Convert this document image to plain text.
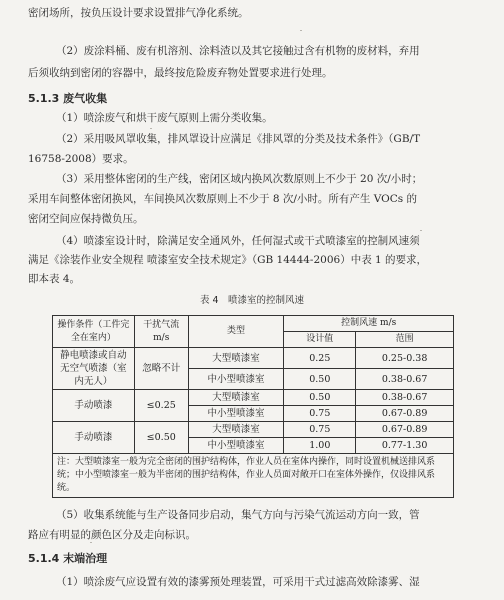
密闭场所，按负压设计要求设置排气净化系统。
（2）废涂料桶、废有机溶剂、涂料渣以及其它接触过含有机物的废材料，弃用
后须收纳到密闭的容器中，最终按危险废弃物处置要求进行处理。
5.1.3 废气收集
（1）喷涂废气和烘干废气原则上需分类收集。
（2）采用吸风罩收集，排风罩设计应满足《排风罩的分类及技术条件》（GB/T
16758-2008）要求。
（3）采用整体密闭的生产线，密闭区域内换风次数原则上不少于 20 次/小时；
采用车间整体密闭换风，车间换风次数原则上不少于 8 次/小时。所有产生 VOCs 的
密闭空间应保持微负压。
（4）喷漆室设计时，除满足安全通风外，任何湿式或干式喷漆室的控制风速须
满足《涂装作业安全规程 喷漆室安全技术规定》（GB 14444-2006）中表 1 的要求，
即本表 4。
表 4　喷漆室的控制风速
操作条件（工件完全在室内）	干扰气流 m/s	类型	控制风速 m/s	
			设计值	范围
静电喷漆或自动无空气喷漆（室内无人）	忽略不计	大型喷漆室	0.25	0.25-0.38
		中小型喷漆室	0.50	0.38-0.67
手动喷漆	≤0.25	大型喷漆室	0.50	0.38-0.67
		中小型喷漆室	0.75	0.67-0.89
手动喷漆	≤0.50	大型喷漆室	0.75	0.67-0.89
		中小型喷漆室	1.00	0.77-1.30
注：大型喷漆室一般为完全密闭的围护结构体，作业人员在室体内操作，同时设置机械送排风系统；中小型喷漆室一般为半密闭的围护结构体，作业人员面对敞开口在室体外操作，仅设排风系统。				
（5）收集系统能与生产设备同步启动，集气方向与污染气流运动方向一致，管
路应有明显的颜色区分及走向标识。
5.1.4 末端治理
（1）喷涂废气应设置有效的漆雾预处理装置，可采用干式过滤高效除漆雾、湿
